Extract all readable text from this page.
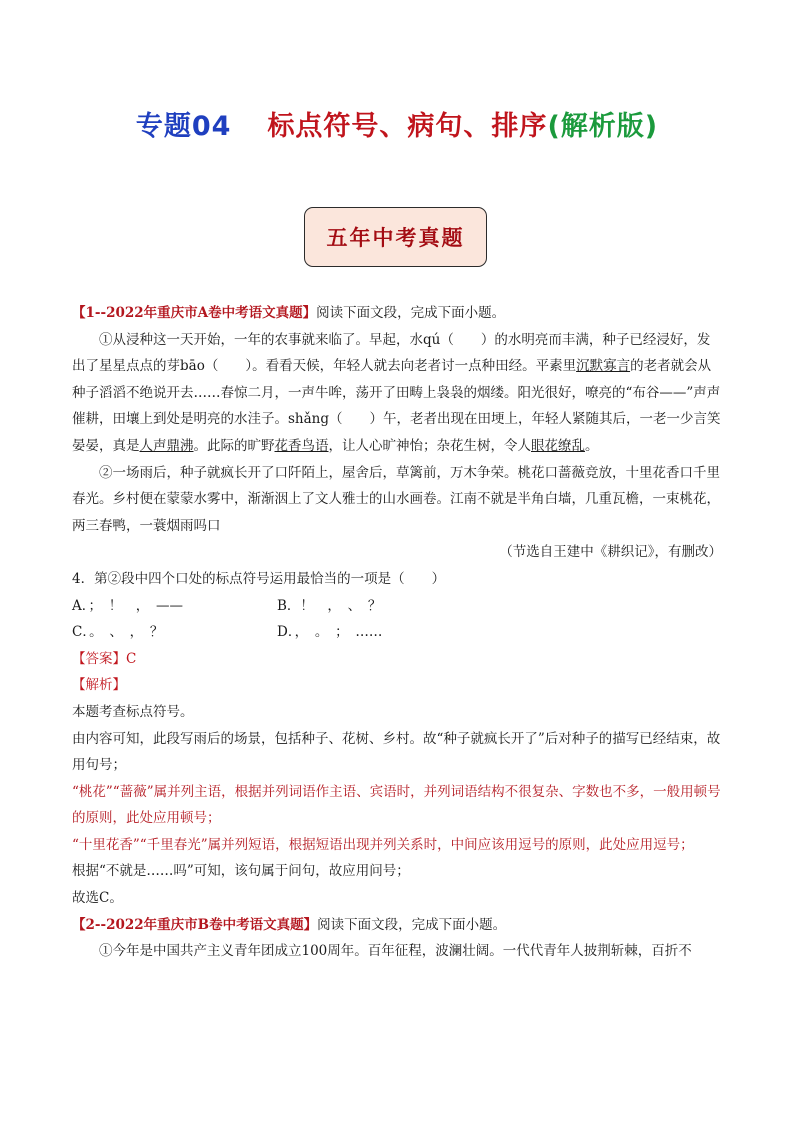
专题04 标点符号、病句、排序(解析版)
五年中考真题

【1--2022年重庆市A卷中考语文真题】阅读下面文段，完成下面小题。

①从浸种这一天开始，一年的农事就来临了。早起，水qú（　　）的水明亮而丰满，种子已经浸好，发出了星星点点的芽bāo（　　）。看看天候，年轻人就去向老者讨一点种田经。平素里沉默寡言的老者就会从种子滔滔不绝说开去……春惊二月，一声牛哞，荡开了田畴上袅袅的烟缕。阳光很好，嘹亮的“布谷——”声声催耕，田壤上到处是明亮的水洼子。shǎng（　　）午，老者出现在田埂上，年轻人紧随其后，一老一少言笑晏晏，真是人声鼎沸。此际的旷野花香鸟语，让人心旷神怡；杂花生树，令人眼花缭乱。

②一场雨后，种子就疯长开了口阡陌上，屋舍后，草篱前，万木争荣。桃花口蔷薇竞放，十里花香口千里春光。乡村便在蒙蒙水雾中，渐渐洇上了文人雅士的山水画卷。江南不就是半角白墙，几重瓦檐，一束桃花，两三春鸭，一蓑烟雨吗口

（节选自王建中《耕织记》，有删改）

4．第②段中四个口处的标点符号运用最恰当的一项是（　　）

A．；　！　，　——	B．！　，　、　？
C．。　、　，　？	D．，　。　；　……

【答案】C

【解析】

本题考查标点符号。

由内容可知，此段写雨后的场景，包括种子、花树、乡村。故“种子就疯长开了”后对种子的描写已经结束，故用句号；

“桃花”“蔷薇”属并列主语，根据并列词语作主语、宾语时，并列词语结构不很复杂、字数也不多，一般用顿号的原则，此处应用顿号；

“十里花香”“千里春光”属并列短语，根据短语出现并列关系时，中间应该用逗号的原则，此处应用逗号；

根据“不就是……吗”可知，该句属于问句，故应用问号；

故选C。

【2--2022年重庆市B卷中考语文真题】阅读下面文段，完成下面小题。

①今年是中国共产主义青年团成立100周年。百年征程，波澜壮阔。一代代青年人披荆斩棘，百折不
